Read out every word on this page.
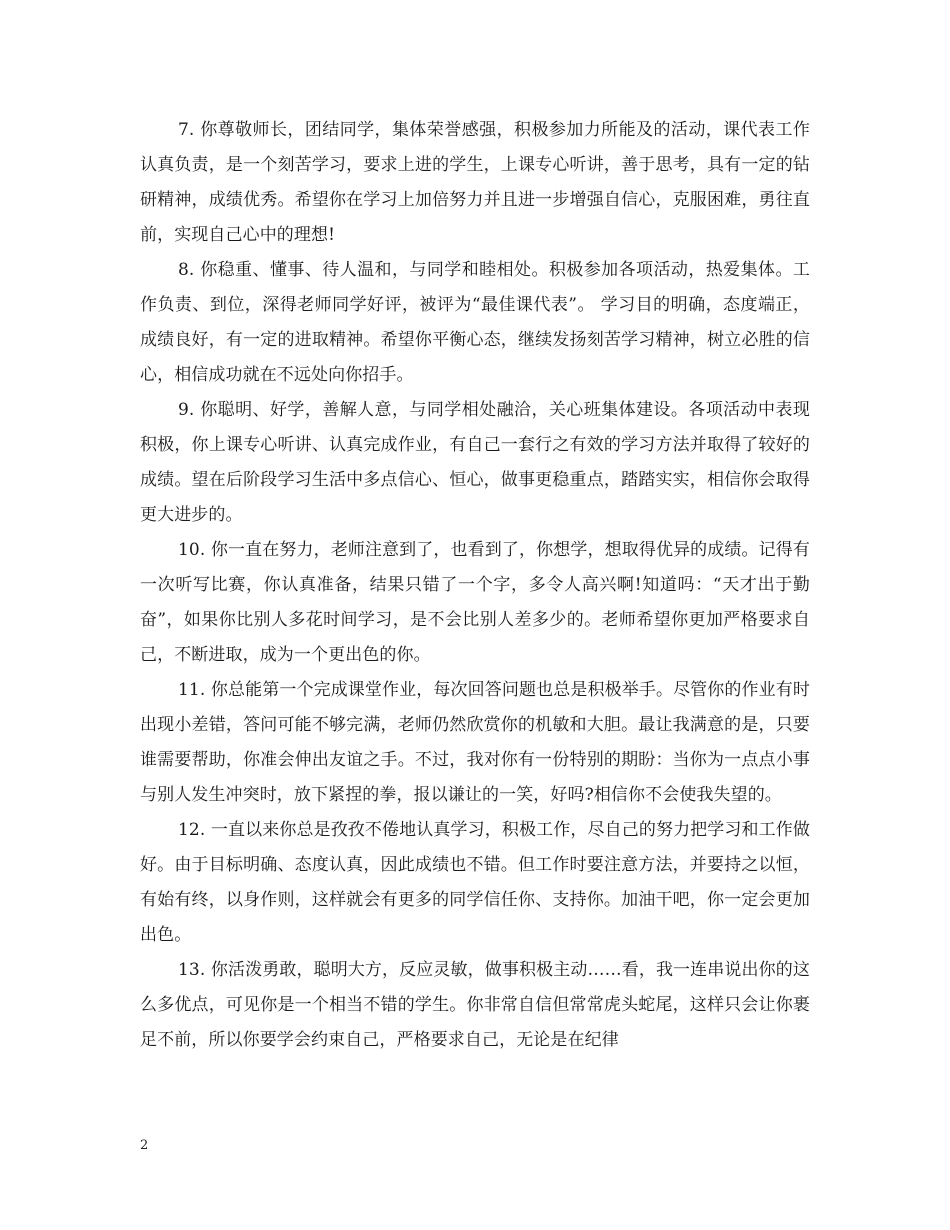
7. 你尊敬师长，团结同学，集体荣誉感强，积极参加力所能及的活动，课代表工作认真负责，是一个刻苦学习，要求上进的学生，上课专心听讲，善于思考，具有一定的钻研精神，成绩优秀。希望你在学习上加倍努力并且进一步增强自信心，克服困难，勇往直前，实现自己心中的理想!

8. 你稳重、懂事、待人温和，与同学和睦相处。积极参加各项活动，热爱集体。工作负责、到位，深得老师同学好评，被评为“最佳课代表”。 学习目的明确，态度端正，成绩良好，有一定的进取精神。希望你平衡心态，继续发扬刻苦学习精神，树立必胜的信心，相信成功就在不远处向你招手。

9. 你聪明、好学，善解人意，与同学相处融洽，关心班集体建设。各项活动中表现积极，你上课专心听讲、认真完成作业，有自己一套行之有效的学习方法并取得了较好的成绩。望在后阶段学习生活中多点信心、恒心，做事更稳重点，踏踏实实，相信你会取得更大进步的。

10. 你一直在努力，老师注意到了，也看到了，你想学，想取得优异的成绩。记得有一次听写比赛，你认真准备，结果只错了一个字，多令人高兴啊!知道吗：“天才出于勤奋”，如果你比别人多花时间学习，是不会比别人差多少的。老师希望你更加严格要求自己，不断进取，成为一个更出色的你。

11. 你总能第一个完成课堂作业，每次回答问题也总是积极举手。尽管你的作业有时出现小差错，答问可能不够完满，老师仍然欣赏你的机敏和大胆。最让我满意的是，只要谁需要帮助，你准会伸出友谊之手。不过，我对你有一份特别的期盼：当你为一点点小事与别人发生冲突时，放下紧捏的拳，报以谦让的一笑，好吗?相信你不会使我失望的。

12. 一直以来你总是孜孜不倦地认真学习，积极工作，尽自己的努力把学习和工作做好。由于目标明确、态度认真，因此成绩也不错。但工作时要注意方法，并要持之以恒，有始有终，以身作则，这样就会有更多的同学信任你、支持你。加油干吧，你一定会更加出色。

13. 你活泼勇敢，聪明大方，反应灵敏，做事积极主动……看，我一连串说出你的这么多优点，可见你是一个相当不错的学生。你非常自信但常常虎头蛇尾，这样只会让你裹足不前，所以你要学会约束自己，严格要求自己，无论是在纪律

2
